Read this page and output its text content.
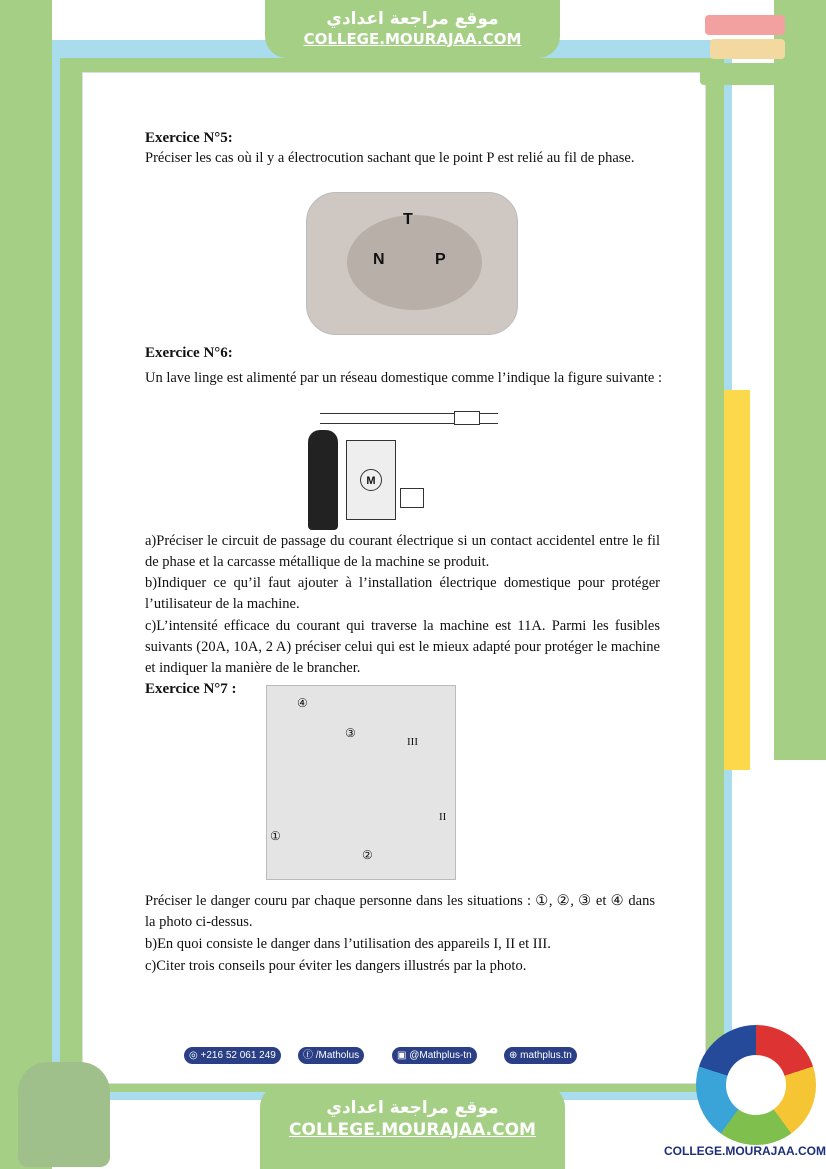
موقع مراجعة اعدادي
COLLEGE.MOURAJAA.COM
Exercice N°5:
Préciser les cas où il y a électrocution sachant que le point P est relié au fil de phase.
T
N	P
Exercice N°6:
Un lave linge est alimenté par un réseau domestique comme l’indique la figure suivante :
M
a)Préciser le circuit de passage du courant électrique si un contact accidentel entre le fil de phase et la carcasse métallique de la machine se produit.
b)Indiquer ce qu’il faut ajouter à l’installation électrique domestique pour protéger l’utilisateur de la machine.
c)L’intensité efficace du courant qui traverse la machine est 11A. Parmi les fusibles suivants (20A, 10A, 2 A) préciser celui qui est le mieux adapté pour protéger le machine et indiquer la manière de le brancher.
Exercice N°7 :
④
③
III
II
①
②
Préciser le danger couru par chaque personne dans les situations : ①, ②, ③ et ④ dans la photo ci-dessus.
b)En quoi consiste le danger dans l’utilisation des appareils I, II et III.
c)Citer trois conseils pour éviter les dangers illustrés par la photo.
◎ +216 52 061 249	ⓕ /Matholus	▣ @Mathplus-tn	⊕ mathplus.tn
موقع مراجعة اعدادي
COLLEGE.MOURAJAA.COM
COLLEGE.MOURAJAA.COM
